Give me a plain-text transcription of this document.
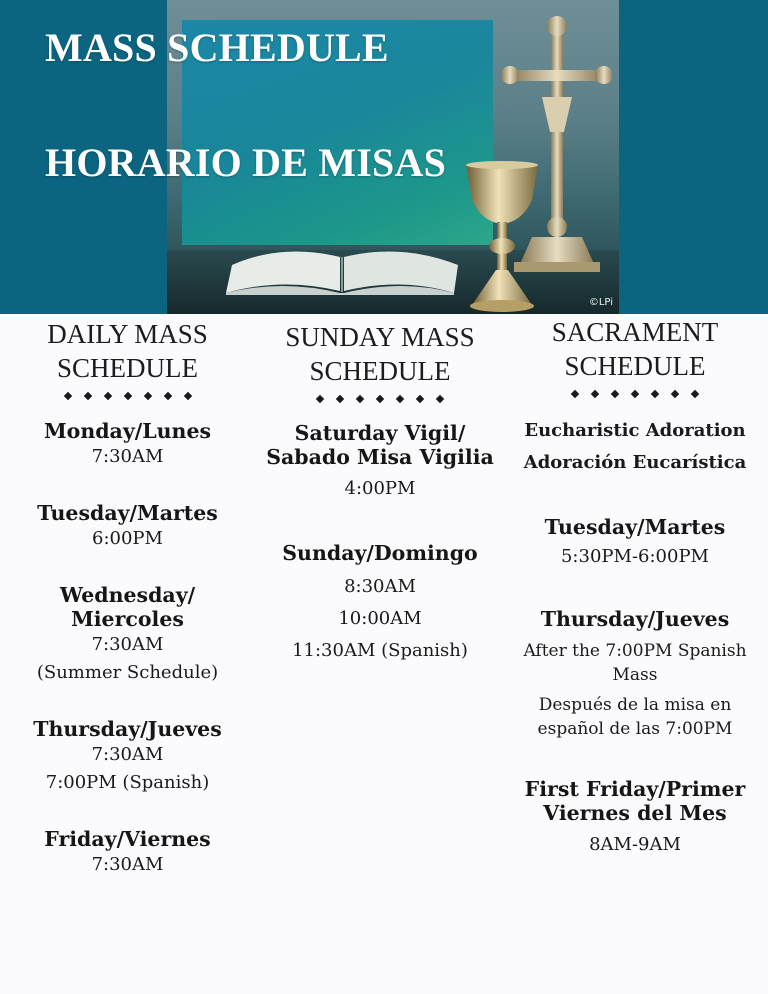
©LPi
MASS SCHEDULE
HORARIO DE MISAS
DAILY MASS
SCHEDULE

Monday/Lunes

7:30AM

Tuesday/Martes

6:00PM

Wednesday/

Miercoles

7:30AM

(Summer Schedule)

Thursday/Jueves

7:30AM

7:00PM (Spanish)

Friday/Viernes

7:30AM

SUNDAY MASS
SCHEDULE

Saturday Vigil/

Sabado Misa Vigilia

4:00PM

Sunday/Domingo

8:30AM

10:00AM

11:30AM (Spanish)

SACRAMENT
SCHEDULE

Eucharistic Adoration

Adoración Eucarística

Tuesday/Martes

5:30PM-6:00PM

Thursday/Jueves

After the 7:00PM Spanish

Mass

Después de la misa en

español de las 7:00PM

First Friday/Primer

Viernes del Mes

8AM-9AM
